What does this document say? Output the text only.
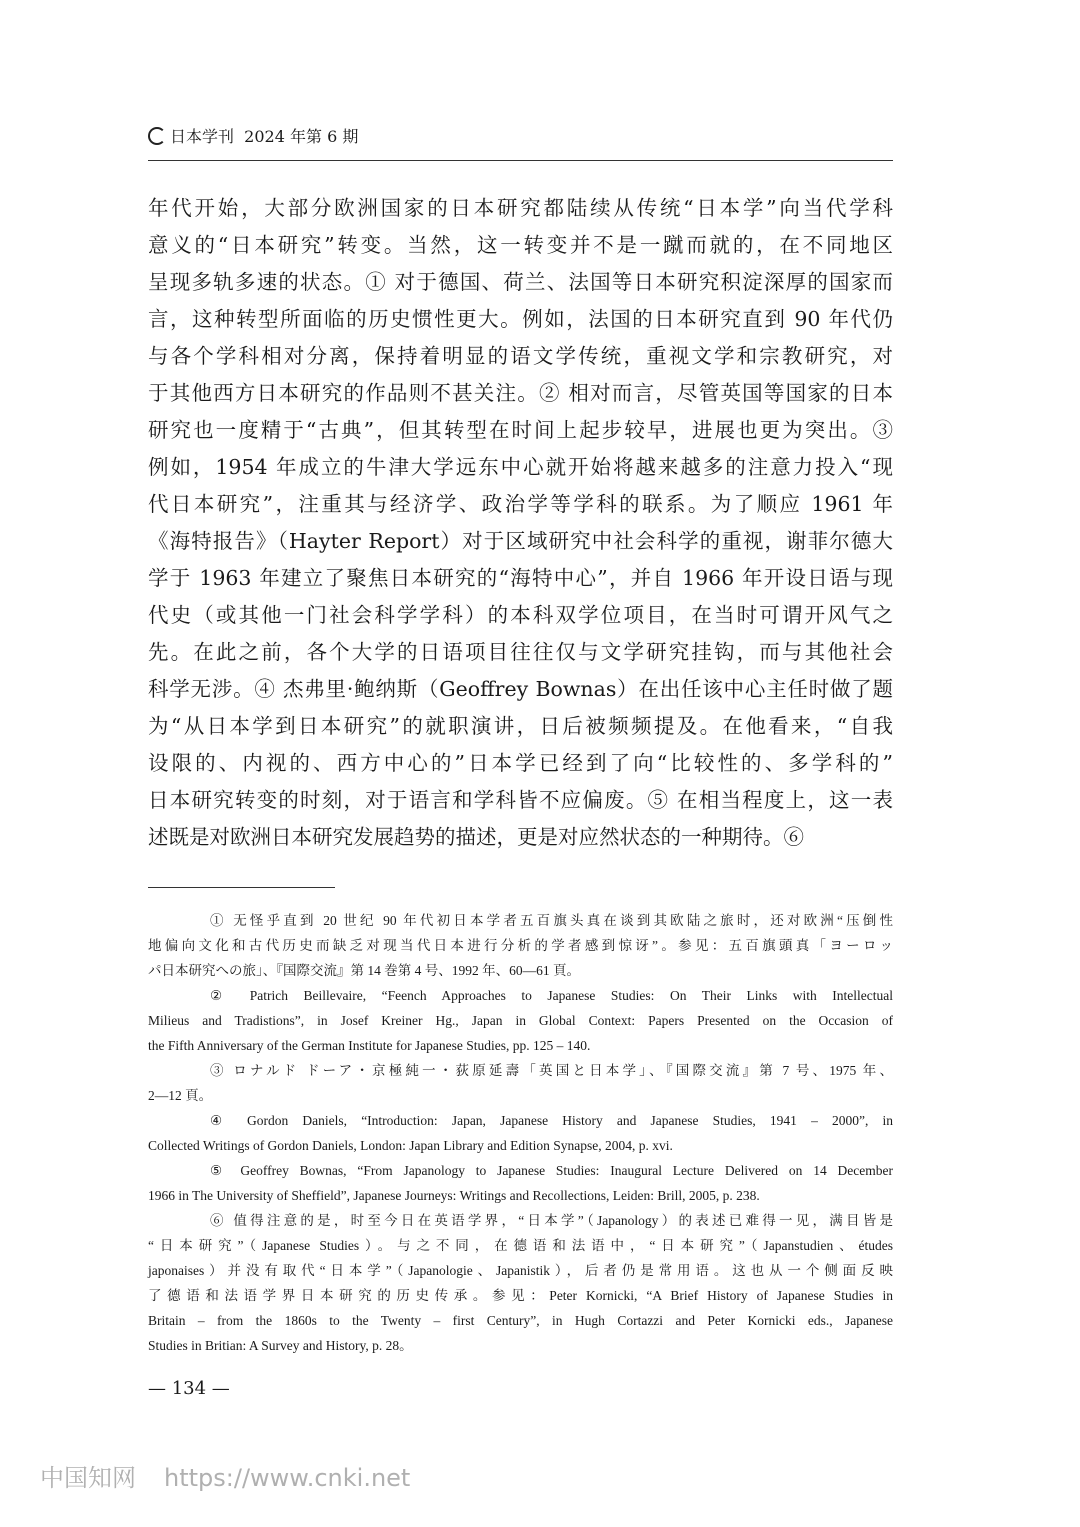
日本学刊  2024 年第 6 期
年代开始，大部分欧洲国家的日本研究都陆续从传统“日本学”向当代学科
意义的“日本研究”转变。当然，这一转变并不是一蹴而就的，在不同地区
呈现多轨多速的状态。① 对于德国、荷兰、法国等日本研究积淀深厚的国家而
言，这种转型所面临的历史惯性更大。例如，法国的日本研究直到 90 年代仍
与各个学科相对分离，保持着明显的语文学传统，重视文学和宗教研究，对
于其他西方日本研究的作品则不甚关注。② 相对而言，尽管英国等国家的日本
研究也一度精于“古典”，但其转型在时间上起步较早，进展也更为突出。③
例如，1954 年成立的牛津大学远东中心就开始将越来越多的注意力投入“现
代日本研究”，注重其与经济学、政治学等学科的联系。为了顺应 1961 年
《海特报告》（Hayter Report）对于区域研究中社会科学的重视，谢菲尔德大
学于 1963 年建立了聚焦日本研究的“海特中心”，并自 1966 年开设日语与现
代史（或其他一门社会科学学科）的本科双学位项目，在当时可谓开风气之
先。在此之前，各个大学的日语项目往往仅与文学研究挂钩，而与其他社会
科学无涉。④ 杰弗里·鲍纳斯（Geoffrey Bownas）在出任该中心主任时做了题
为“从日本学到日本研究”的就职演讲，日后被频频提及。在他看来，“自我
设限的、内视的、西方中心的”日本学已经到了向“比较性的、多学科的”
日本研究转变的时刻，对于语言和学科皆不应偏废。⑤ 在相当程度上，这一表
述既是对欧洲日本研究发展趋势的描述，更是对应然状态的一种期待。⑥
① 无怪乎直到 20 世纪 90 年代初日本学者五百旗头真在谈到其欧陆之旅时，还对欧洲“压倒性
地偏向文化和古代历史而缺乏对现当代日本进行分析的学者感到惊讶”。参见：五百旗頭真「ヨーロッ
パ日本研究への旅」、『国際交流』第 14 巻第 4 号、1992 年、60—61 頁。
② Patrich Beillevaire, “Feench Approaches to Japanese Studies: On Their Links with Intellectual
Milieus and Tradistions”, in Josef Kreiner Hg., Japan in Global Context: Papers Presented on the Occasion of
the Fifth Anniversary of the German Institute for Japanese Studies, pp. 125 – 140.
③ ロナルド ドーア・京極純一・荻原延壽「英国と日本学」、『国際交流』第 7 号、1975 年、
2—12 頁。
④ Gordon Daniels, “Introduction: Japan, Japanese History and Japanese Studies, 1941 – 2000”, in
Collected Writings of Gordon Daniels, London: Japan Library and Edition Synapse, 2004, p. xvi.
⑤ Geoffrey Bownas, “From Japanology to Japanese Studies: Inaugural Lecture Delivered on 14 December
1966 in The University of Sheffield”, Japanese Journeys: Writings and Recollections, Leiden: Brill, 2005, p. 238.
⑥ 值得注意的是，时至今日在英语学界，“日本学”（Japanology）的表述已难得一见，满目皆是
“日本研究”（Japanese Studies）。与之不同，在德语和法语中，“日本研究”（Japanstudien、études
japonaises）并没有取代“日本学”（Japanologie、Japanistik），后者仍是常用语。这也从一个侧面反映
了德语和法语学界日本研究的历史传承。参见：Peter Kornicki, “A Brief History of Japanese Studies in
Britain – from the 1860s to the Twenty – first Century”, in Hugh Cortazzi and Peter Kornicki eds., Japanese
Studies in Britian: A Survey and History, p. 28。
— 134 —
中国知网 https://www.cnki.net
